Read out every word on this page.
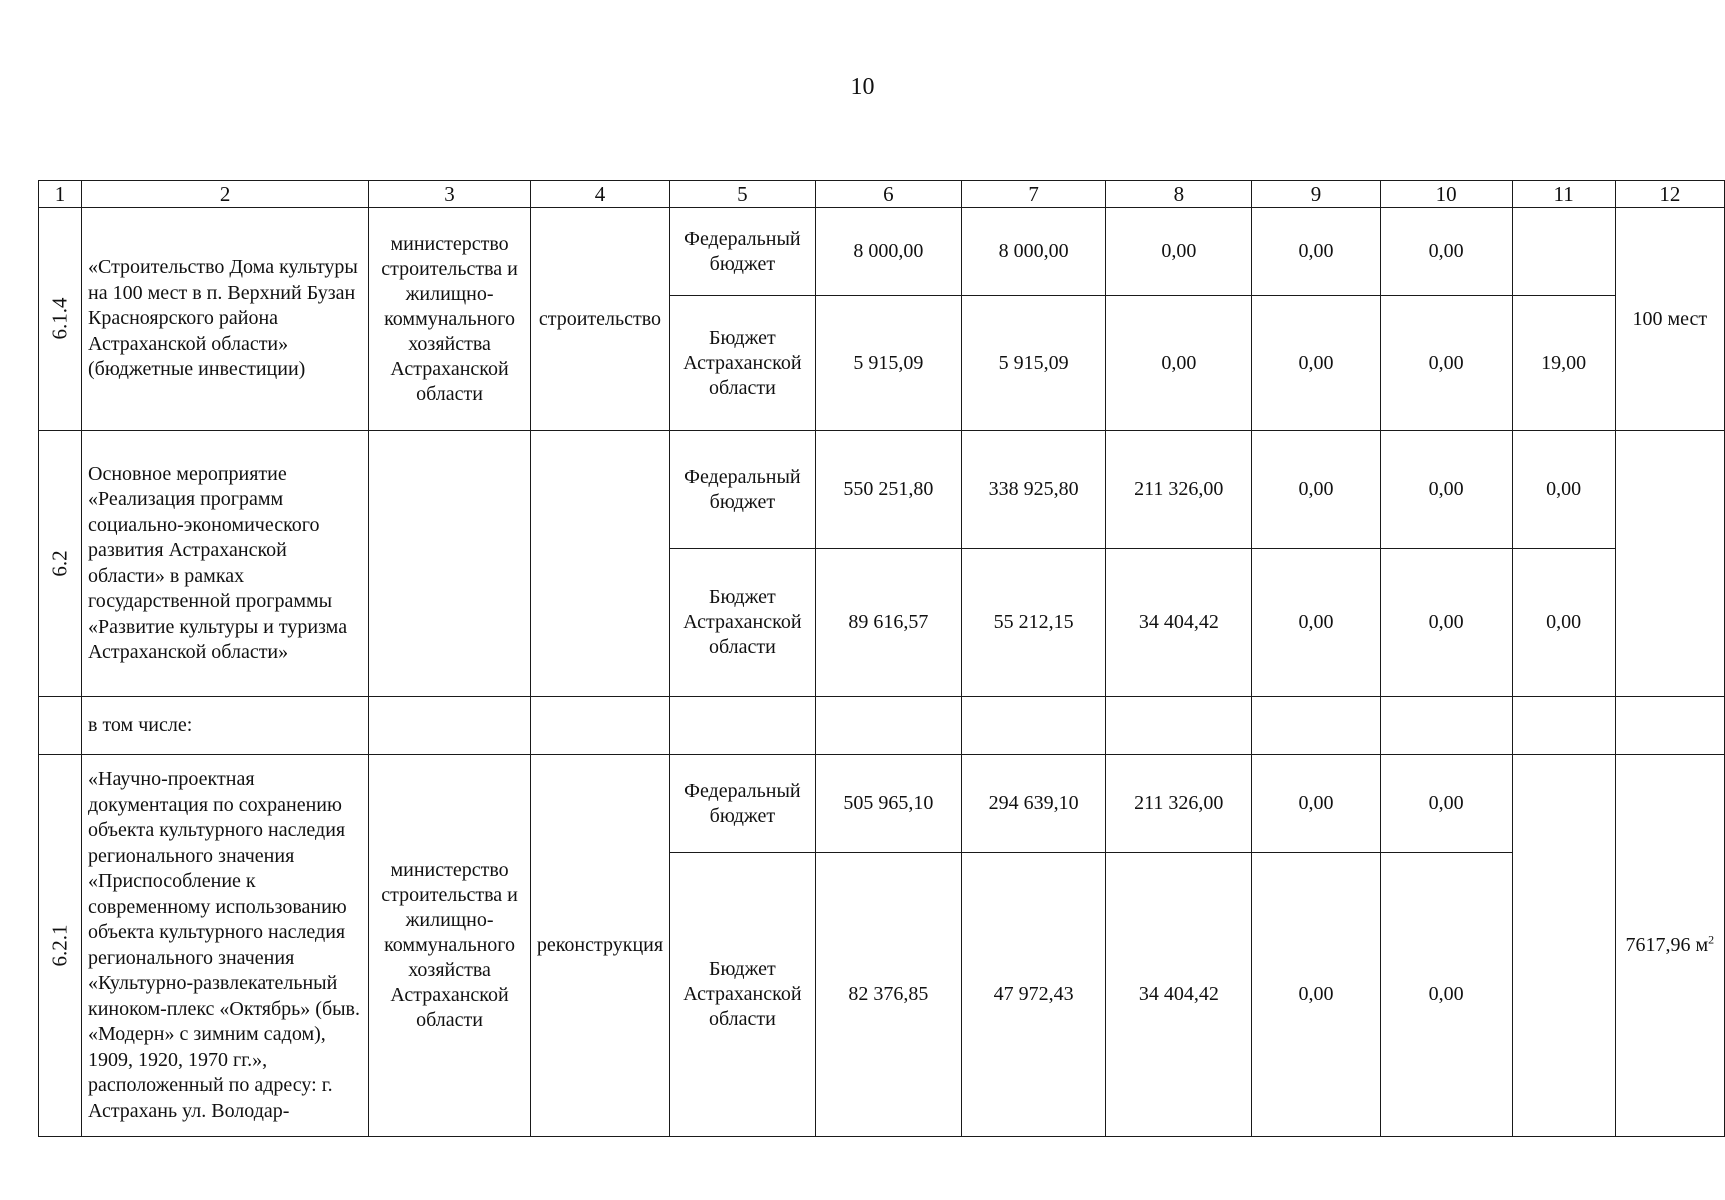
10
1	2	3	4	5	6	7	8	9	10	11	12
6.1.4	«Строительство Дома культуры на 100 мест в п. Верхний Бузан Красноярского района Астраханской области» (бюджетные инвестиции)	министерство строительства и жилищно-коммунального хозяйства Астраханской области	строительство	Федеральный бюджет	8 000,00	8 000,00	0,00	0,00	0,00		100 мест
				Бюджет Астраханской области	5 915,09	5 915,09	0,00	0,00	0,00	19,00	
6.2	Основное мероприятие «Реализация программ социально-экономического развития Астраханской области» в рамках государственной программы «Развитие культуры и туризма Астраханской области»			Федеральный бюджет	550 251,80	338 925,80	211 326,00	0,00	0,00	0,00	
				Бюджет Астраханской области	89 616,57	55 212,15	34 404,42	0,00	0,00	0,00	
	в том числе:										
6.2.1	«Научно-проектная документация по сохранению объекта культурного наследия регионального значения «Приспособление к современному использованию объекта культурного наследия регионального значения «Культурно-развлекательный киноком-плекс «Октябрь» (быв. «Модерн» с зимним садом), 1909, 1920, 1970 гг.», расположенный по адресу: г. Астрахань ул. Володар-	министерство строительства и жилищно-коммунального хозяйства Астраханской области	реконструкция	Федеральный бюджет	505 965,10	294 639,10	211 326,00	0,00	0,00		7617,96 $м^2$
				Бюджет Астраханской области	82 376,85	47 972,43	34 404,42	0,00	0,00		
